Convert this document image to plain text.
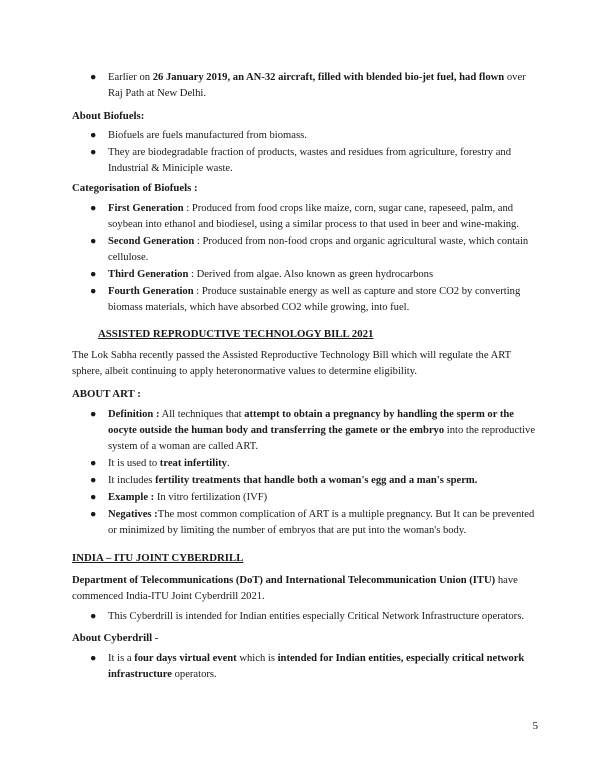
● Earlier on 26 January 2019, an AN-32 aircraft, filled with blended bio-jet fuel, had flown over Raj Path at New Delhi.
About Biofuels:
● Biofuels are fuels manufactured from biomass.
● They are biodegradable fraction of products, wastes and residues from agriculture, forestry and Industrial & Miniciple waste.
Categorisation of Biofuels :
● First Generation : Produced from food crops like maize, corn, sugar cane, rapeseed, palm, and soybean into ethanol and biodiesel, using a similar process to that used in beer and wine-making.
● Second Generation : Produced from non-food crops and organic agricultural waste, which contain cellulose.
● Third Generation : Derived from algae. Also known as green hydrocarbons
● Fourth Generation : Produce sustainable energy as well as capture and store CO2 by converting biomass materials, which have absorbed CO2 while growing, into fuel.
ASSISTED REPRODUCTIVE TECHNOLOGY BILL 2021
The Lok Sabha recently passed the Assisted Reproductive Technology Bill which will regulate the ART sphere, albeit continuing to apply heteronormative values to determine eligibility.
ABOUT ART :
● Definition : All techniques that attempt to obtain a pregnancy by handling the sperm or the oocyte outside the human body and transferring the gamete or the embryo into the reproductive system of a woman are called ART.
● It is used to treat infertility.
● It includes fertility treatments that handle both a woman's egg and a man's sperm.
● Example : In vitro fertilization (IVF)
● Negatives :The most common complication of ART is a multiple pregnancy. But It can be prevented or minimized by limiting the number of embryos that are put into the woman's body.
INDIA – ITU JOINT CYBERDRILL
Department of Telecommunications (DoT) and International Telecommunication Union (ITU) have commenced India-ITU Joint Cyberdrill 2021.
● This Cyberdrill is intended for Indian entities especially Critical Network Infrastructure operators.
About Cyberdrill -
● It is a four days virtual event which is intended for Indian entities, especially critical network infrastructure operators.
5
